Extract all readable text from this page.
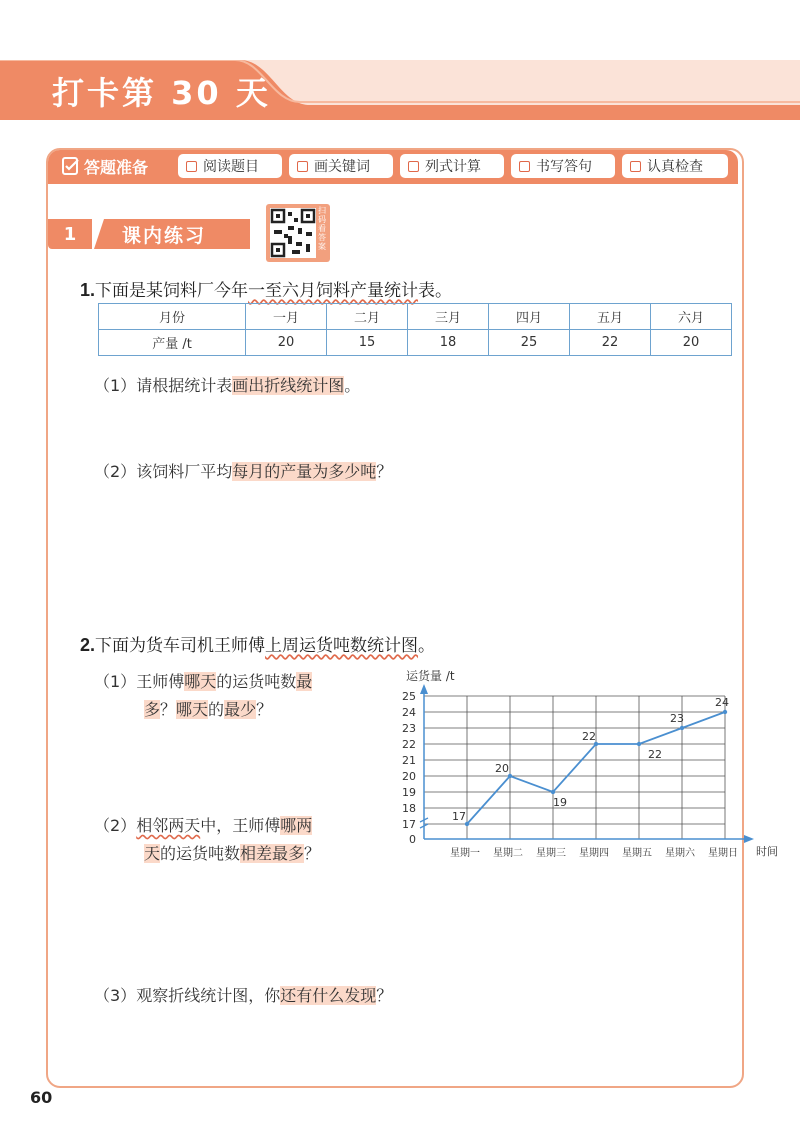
打卡第 30 天
答题准备	阅读题目	画关键词	列式计算	书写答句	认真检查
1	课内练习
扫码看答案
1.下面是某饲料厂今年一至六月饲料产量统计表。
月份	一月	二月	三月	四月	五月	六月
产量 /t	20	15	18	25	22	20
（1）请根据统计表画出折线统计图。
（2）该饲料厂平均每月的产量为多少吨？
2.下面为货车司机王师傅上周运货吨数统计图。
（1）王师傅哪天的运货吨数最
多？哪天的最少？
（2）相邻两天中，王师傅哪两
天的运货吨数相差最多？
（3）观察折线统计图，你还有什么发现？
运货量 /t
时间
0
17
18
19
20
21
22
23
24
25
星期一 星期二 星期三 星期四 星期五 星期六 星期日
17
20
19
22
22
23
24
60
